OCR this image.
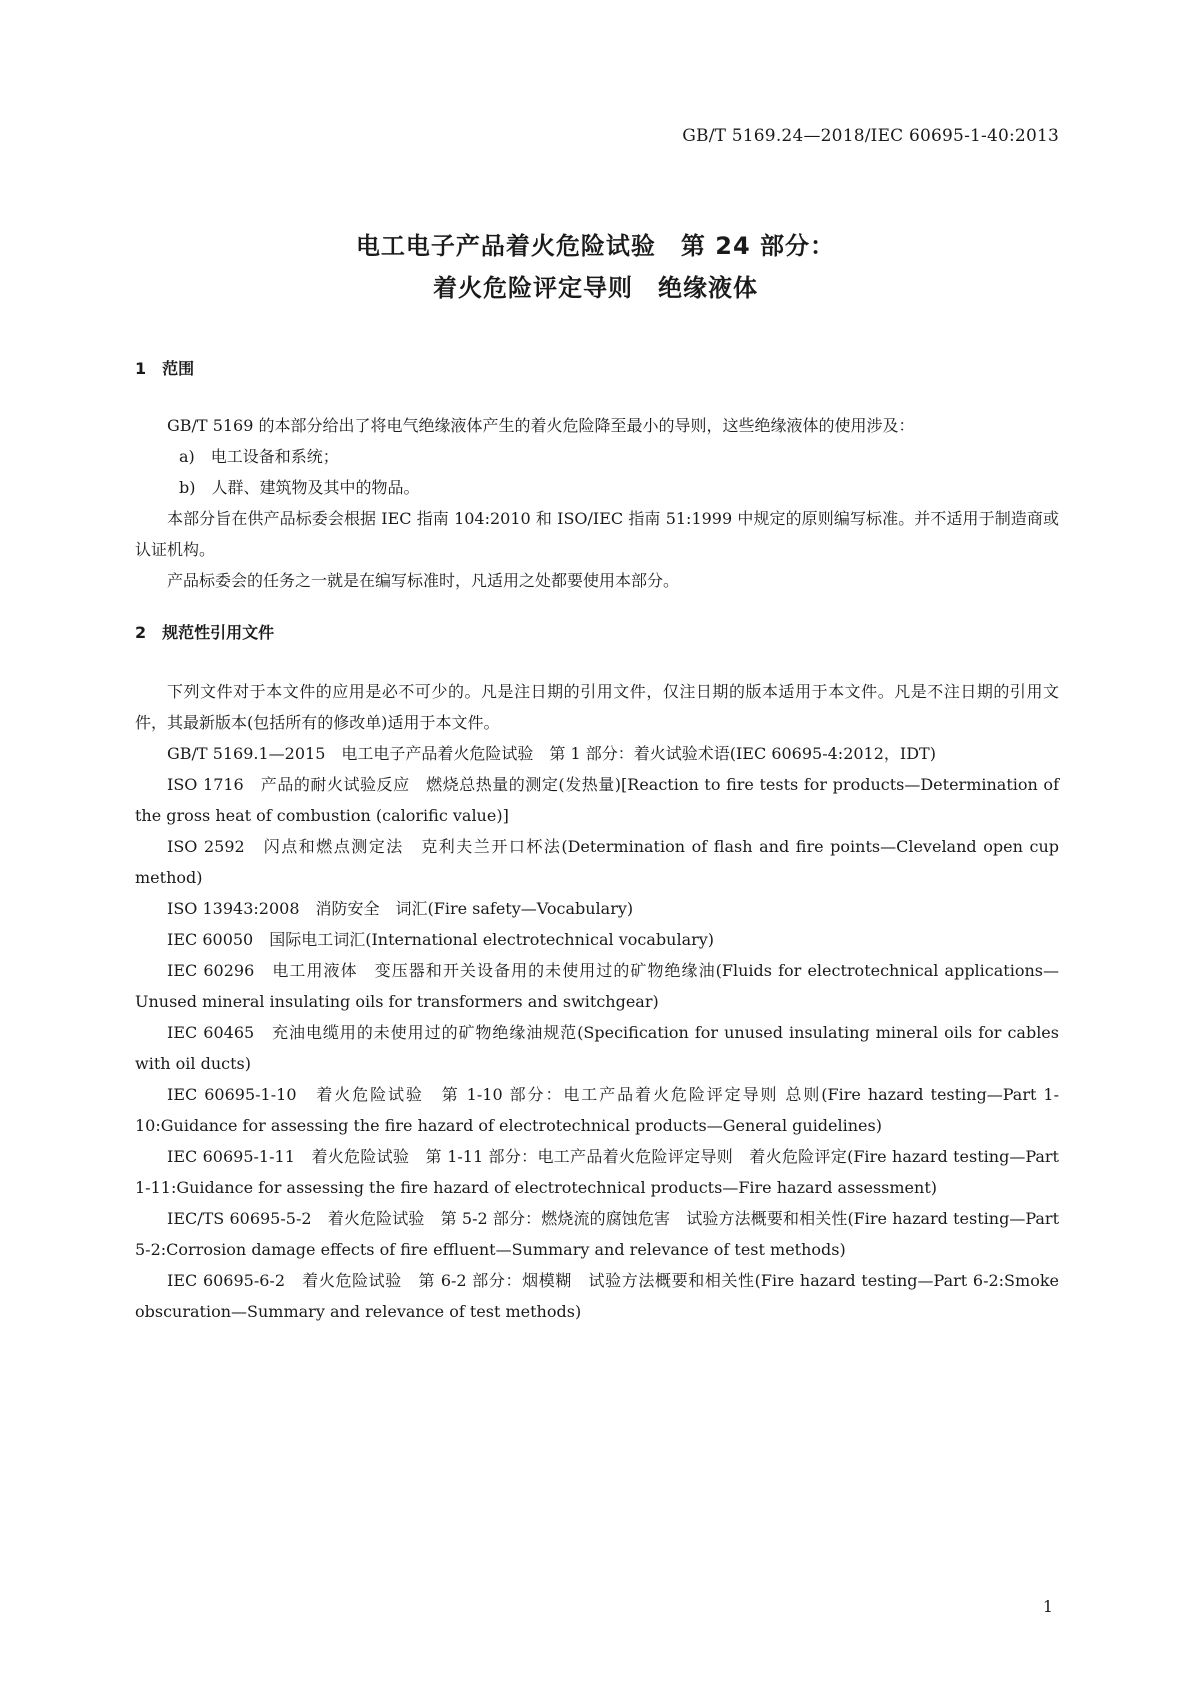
GB/T 5169.24—2018/IEC 60695-1-40:2013
电工电子产品着火危险试验　第 24 部分：
着火危险评定导则　绝缘液体
1　范围

GB/T 5169 的本部分给出了将电气绝缘液体产生的着火危险降至最小的导则，这些绝缘液体的使用涉及：

a)　电工设备和系统；

b)　人群、建筑物及其中的物品。

本部分旨在供产品标委会根据 IEC 指南 104:2010 和 ISO/IEC 指南 51:1999 中规定的原则编写标准。并不适用于制造商或认证机构。

产品标委会的任务之一就是在编写标准时，凡适用之处都要使用本部分。

2　规范性引用文件

下列文件对于本文件的应用是必不可少的。凡是注日期的引用文件，仅注日期的版本适用于本文件。凡是不注日期的引用文件，其最新版本(包括所有的修改单)适用于本文件。

GB/T 5169.1—2015　电工电子产品着火危险试验　第 1 部分：着火试验术语(IEC 60695-4:2012，IDT)

ISO 1716　产品的耐火试验反应　燃烧总热量的测定(发热量)[Reaction to fire tests for products—Determination of the gross heat of combustion (calorific value)]

ISO 2592　闪点和燃点测定法　克利夫兰开口杯法(Determination of flash and fire points—Cleveland open cup method)

ISO 13943:2008　消防安全　词汇(Fire safety—Vocabulary)

IEC 60050　国际电工词汇(International electrotechnical vocabulary)

IEC 60296　电工用液体　变压器和开关设备用的未使用过的矿物绝缘油(Fluids for electrotechnical applications—Unused mineral insulating oils for transformers and switchgear)

IEC 60465　充油电缆用的未使用过的矿物绝缘油规范(Specification for unused insulating mineral oils for cables with oil ducts)

IEC 60695-1-10　着火危险试验　第 1-10 部分：电工产品着火危险评定导则 总则(Fire hazard testing—Part 1-10:Guidance for assessing the fire hazard of electrotechnical products—General guidelines)

IEC 60695-1-11　着火危险试验　第 1-11 部分：电工产品着火危险评定导则　着火危险评定(Fire hazard testing—Part 1-11:Guidance for assessing the fire hazard of electrotechnical products—Fire hazard assessment)

IEC/TS 60695-5-2　着火危险试验　第 5-2 部分：燃烧流的腐蚀危害　试验方法概要和相关性(Fire hazard testing—Part 5-2:Corrosion damage effects of fire effluent—Summary and relevance of test methods)

IEC 60695-6-2　着火危险试验　第 6-2 部分：烟模糊　试验方法概要和相关性(Fire hazard testing—Part 6-2:Smoke obscuration—Summary and relevance of test methods)

1
